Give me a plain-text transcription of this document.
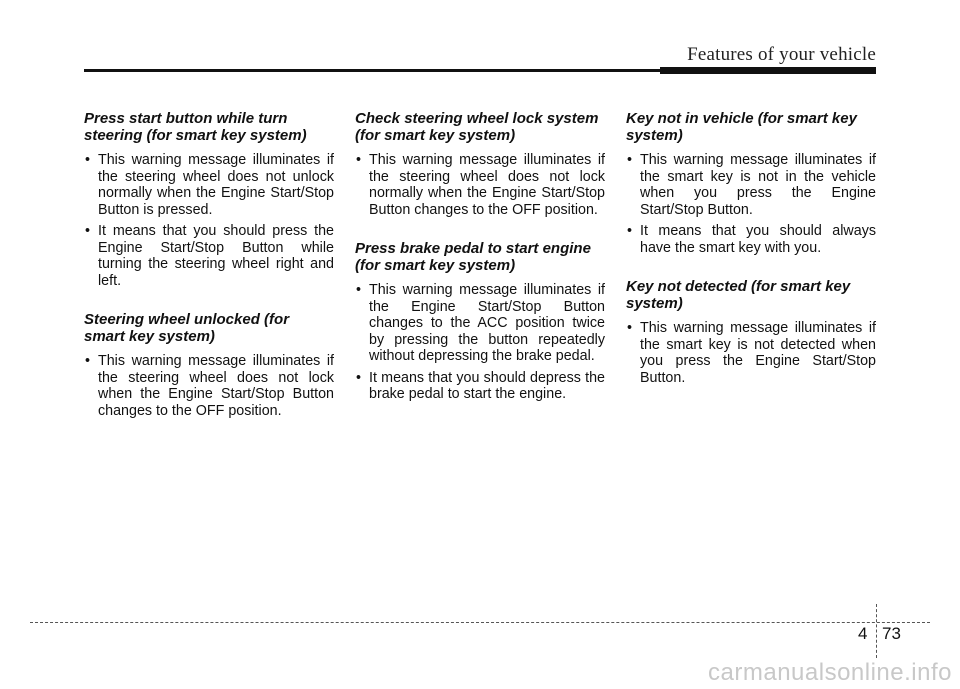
Features of your vehicle

Press start button while turn steering (for smart key system)

• This warning message illuminates if the steering wheel does not unlock normally when the Engine Start/Stop Button is pressed.
• It means that you should press the Engine Start/Stop Button while turning the steering wheel right and left.

Steering wheel unlocked (for smart key system)

• This warning message illuminates if the steering wheel does not lock when the Engine Start/Stop Button changes to the OFF position.

Check steering wheel lock system (for smart key system)

• This warning message illuminates if the steering wheel does not lock normally when the Engine Start/Stop Button changes to the OFF position.

Press brake pedal to start engine (for smart key system)

• This warning message illuminates if the Engine Start/Stop Button changes to the ACC position twice by pressing the button repeatedly without depressing the brake pedal.
• It means that you should depress the brake pedal to start the engine.

Key not in vehicle (for smart key system)

• This warning message illuminates if the smart key is not in the vehicle when you press the Engine Start/Stop Button.
• It means that you should always have the smart key with you.

Key not detected (for smart key system)

• This warning message illuminates if the smart key is not detected when you press the Engine Start/Stop Button.
4 73
carmanualsonline.info
